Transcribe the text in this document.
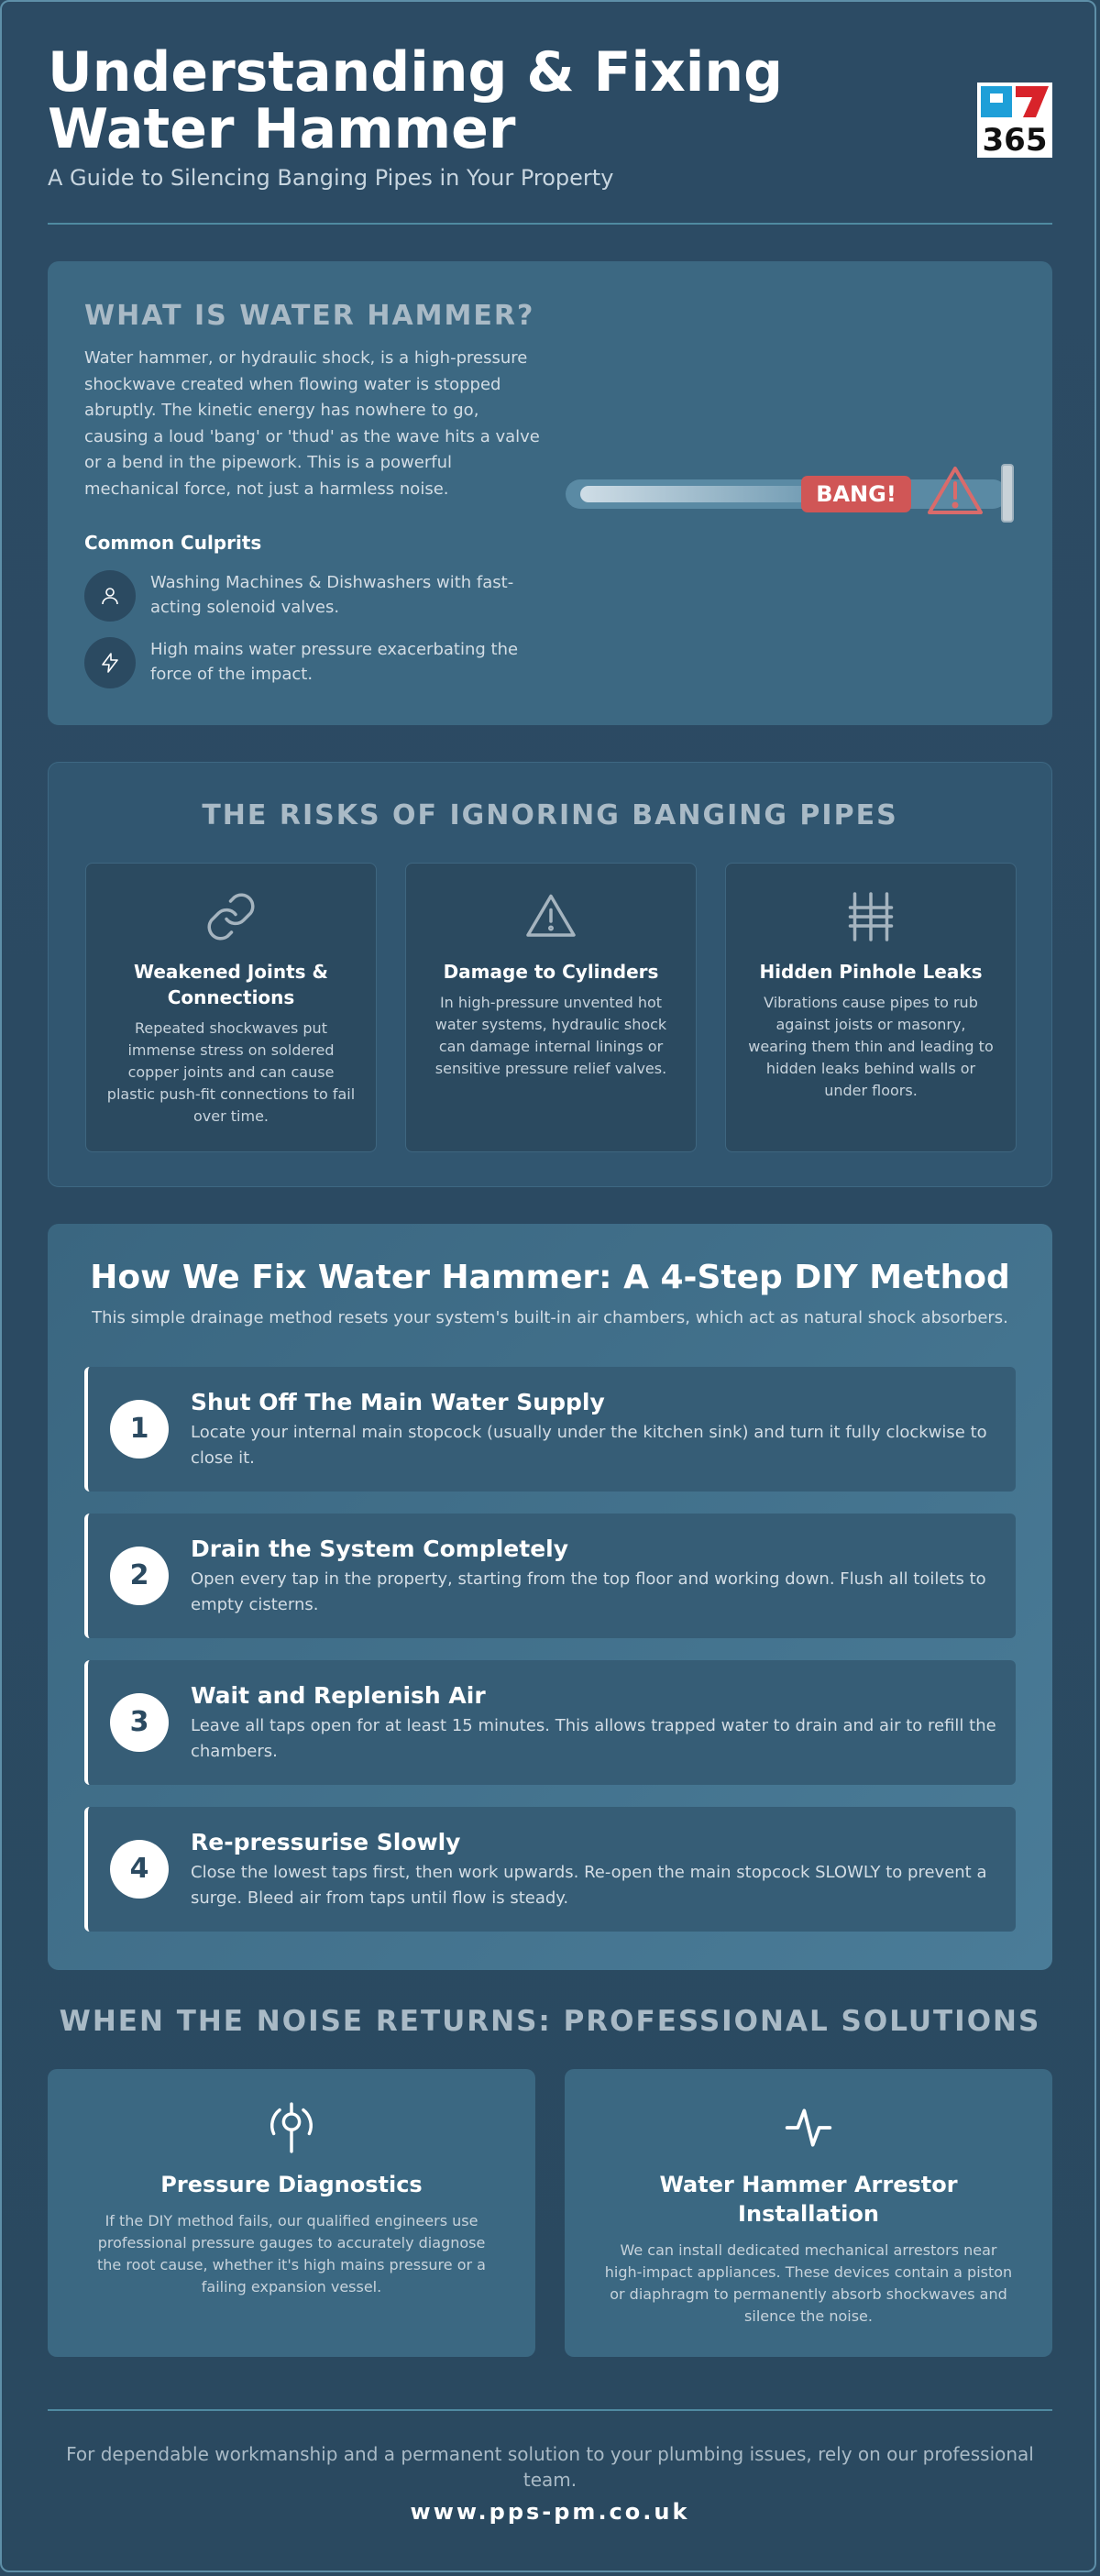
Understanding & Fixing Water Hammer
A Guide to Silencing Banging Pipes in Your Property
365
WHAT IS WATER HAMMER?

Water hammer, or hydraulic shock, is a high-pressure shockwave created when flowing water is stopped abruptly. The kinetic energy has nowhere to go, causing a loud 'bang' or 'thud' as the wave hits a valve or a bend in the pipework. This is a powerful mechanical force, not just a harmless noise.

Common Culprits
Washing Machines & Dishwashers with fast-acting solenoid valves.
High mains water pressure exacerbating the force of the impact.
BANG!
THE RISKS OF IGNORING BANGING PIPES
Weakened Joints & Connections
Repeated shockwaves put immense stress on soldered copper joints and can cause plastic push-fit connections to fail over time.
Damage to Cylinders
In high-pressure unvented hot water systems, hydraulic shock can damage internal linings or sensitive pressure relief valves.
Hidden Pinhole Leaks
Vibrations cause pipes to rub against joists or masonry, wearing them thin and leading to hidden leaks behind walls or under floors.
How We Fix Water Hammer: A 4-Step DIY Method
This simple drainage method resets your system's built-in air chambers, which act as natural shock absorbers.
1
Shut Off The Main Water Supply
Locate your internal main stopcock (usually under the kitchen sink) and turn it fully clockwise to close it.
2
Drain the System Completely
Open every tap in the property, starting from the top floor and working down. Flush all toilets to empty cisterns.
3
Wait and Replenish Air
Leave all taps open for at least 15 minutes. This allows trapped water to drain and air to refill the chambers.
4
Re-pressurise Slowly
Close the lowest taps first, then work upwards. Re-open the main stopcock SLOWLY to prevent a surge. Bleed air from taps until flow is steady.
WHEN THE NOISE RETURNS: PROFESSIONAL SOLUTIONS
Pressure Diagnostics
If the DIY method fails, our qualified engineers use professional pressure gauges to accurately diagnose the root cause, whether it's high mains pressure or a failing expansion vessel.
Water Hammer Arrestor Installation
We can install dedicated mechanical arrestors near high-impact appliances. These devices contain a piston or diaphragm to permanently absorb shockwaves and silence the noise.
For dependable workmanship and a permanent solution to your plumbing issues, rely on our professional team.
www.pps-pm.co.uk
